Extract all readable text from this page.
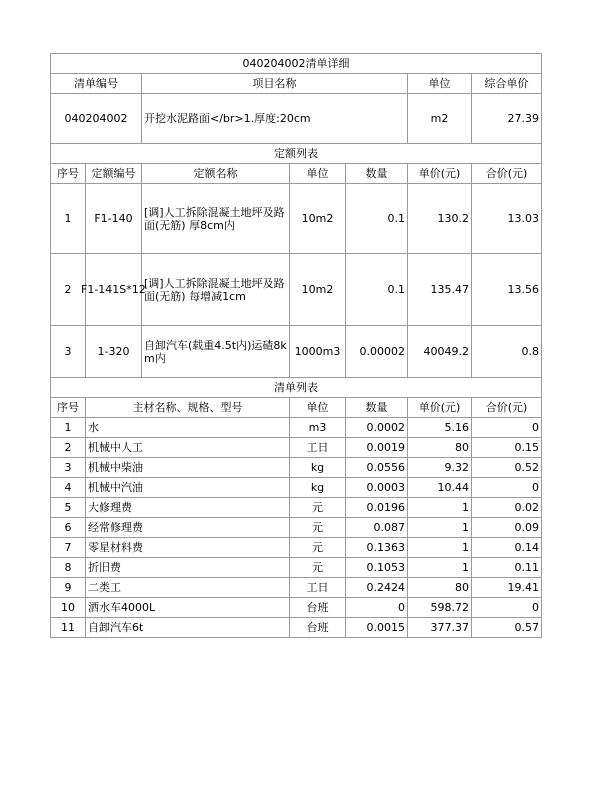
040204002清单详细						
清单编号		项目名称			单位	综合单价
040204002		开挖水泥路面</br>1.厚度:20cm			m2	27.39
定额列表						
序号	定额编号	定额名称	单位	数量	单价(元)	合价(元)
1	F1-140	[调]人工拆除混凝土地坪及路面(无筋) 厚8cm内	10m2	0.1	130.2	13.03
2	F1-141S*12	[调]人工拆除混凝土地坪及路面(无筋) 每增减1cm	10m2	0.1	135.47	13.56
3	1-320	自卸汽车(载重4.5t内)运碴8km内	1000m3	0.00002	40049.2	0.8
清单列表						
序号	主材名称、规格、型号		单位	数量	单价(元)	合价(元)
1	水		m3	0.0002	5.16	0
2	机械中人工		工日	0.0019	80	0.15
3	机械中柴油		kg	0.0556	9.32	0.52
4	机械中汽油		kg	0.0003	10.44	0
5	大修理费		元	0.0196	1	0.02
6	经常修理费		元	0.087	1	0.09
7	零星材料费		元	0.1363	1	0.14
8	折旧费		元	0.1053	1	0.11
9	二类工		工日	0.2424	80	19.41
10	洒水车4000L		台班	0	598.72	0
11	自卸汽车6t		台班	0.0015	377.37	0.57
